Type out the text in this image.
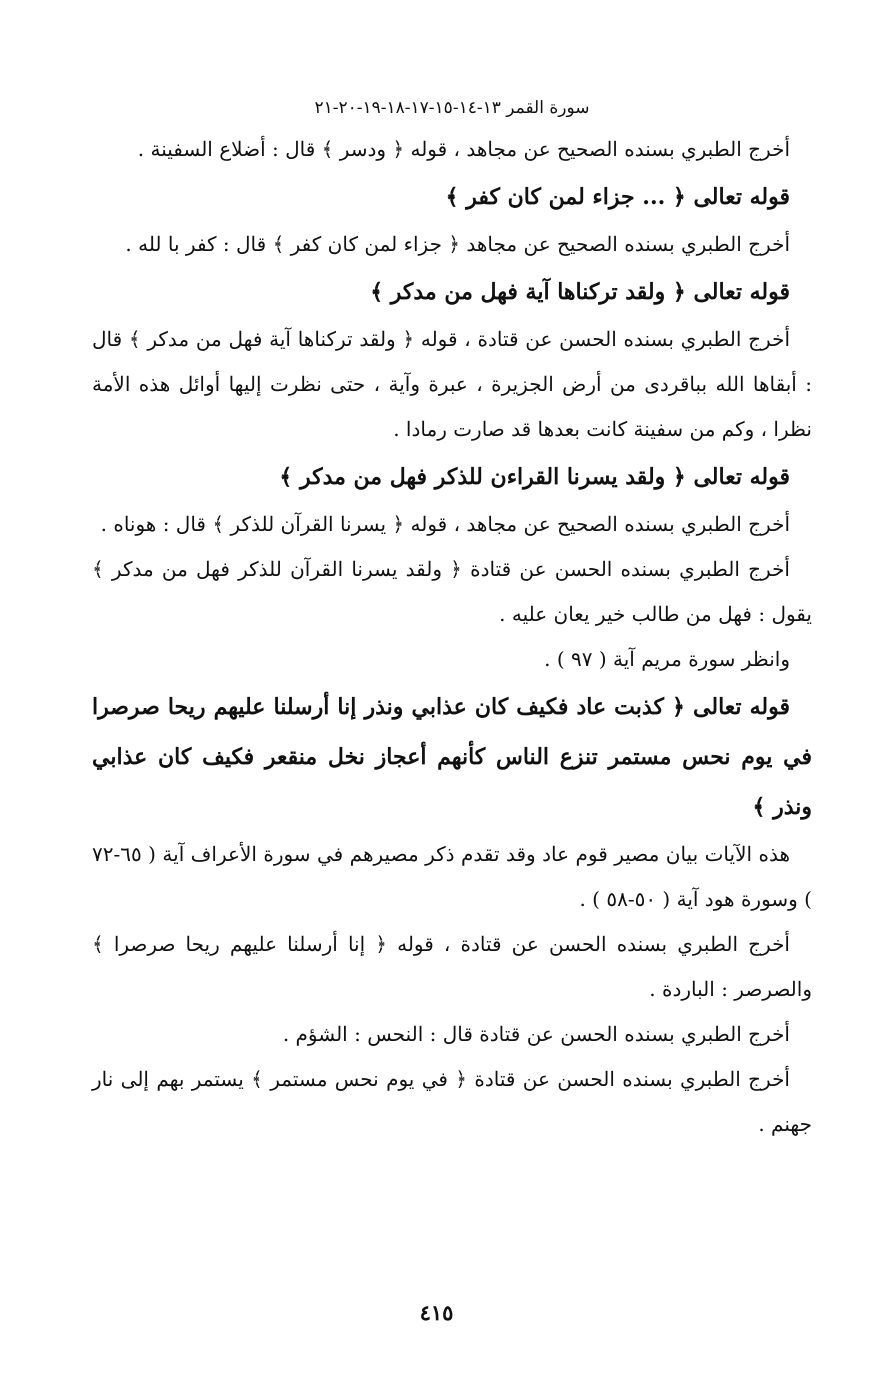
سورة القمر ١٣-١٤-١٥-١٧-١٨-١٩-٢٠-٢١

أخرج الطبري بسنده الصحيح عن مجاهد ، قوله ﴿ ودسر ﴾ قال : أضلاع السفينة .

قوله تعالى ﴿ ... جزاء لمن كان كفر ﴾

أخرج الطبري بسنده الصحيح عن مجاهد ﴿ جزاء لمن كان كفر ﴾ قال : كفر با لله .

قوله تعالى ﴿ ولقد تركناها آية فهل من مدكر ﴾

أخرج الطبري بسنده الحسن عن قتادة ، قوله ﴿ ولقد تركناها آية فهل من مدكر ﴾ قال : أبقاها الله بباقردى من أرض الجزيرة ، عبرة وآية ، حتى نظرت إليها أوائل هذه الأمة نظرا ، وكم من سفينة كانت بعدها قد صارت رمادا .

قوله تعالى ﴿ ولقد يسرنا القراءن للذكر فهل من مدكر ﴾

أخرج الطبري بسنده الصحيح عن مجاهد ، قوله ﴿ يسرنا القرآن للذكر ﴾ قال : هوناه .

أخرج الطبري بسنده الحسن عن قتادة ﴿ ولقد يسرنا القرآن للذكر فهل من مدكر ﴾ يقول : فهل من طالب خير يعان عليه .

وانظر سورة مريم آية ( ٩٧ ) .

قوله تعالى ﴿ كذبت عاد فكيف كان عذابي ونذر إنا أرسلنا عليهم ريحا صرصرا في يوم نحس مستمر تنزع الناس كأنهم أعجاز نخل منقعر فكيف كان عذابي ونذر ﴾

هذه الآيات بيان مصير قوم عاد وقد تقدم ذكر مصيرهم في سورة الأعراف آية ( ٦٥-٧٢ ) وسورة هود آية ( ٥٠-٥٨ ) .

أخرج الطبري بسنده الحسن عن قتادة ، قوله ﴿ إنا أرسلنا عليهم ريحا صرصرا ﴾ والصرصر : الباردة .

أخرج الطبري بسنده الحسن عن قتادة قال : النحس : الشؤم .

أخرج الطبري بسنده الحسن عن قتادة ﴿ في يوم نحس مستمر ﴾ يستمر بهم إلى نار جهنم .

٤١٥
